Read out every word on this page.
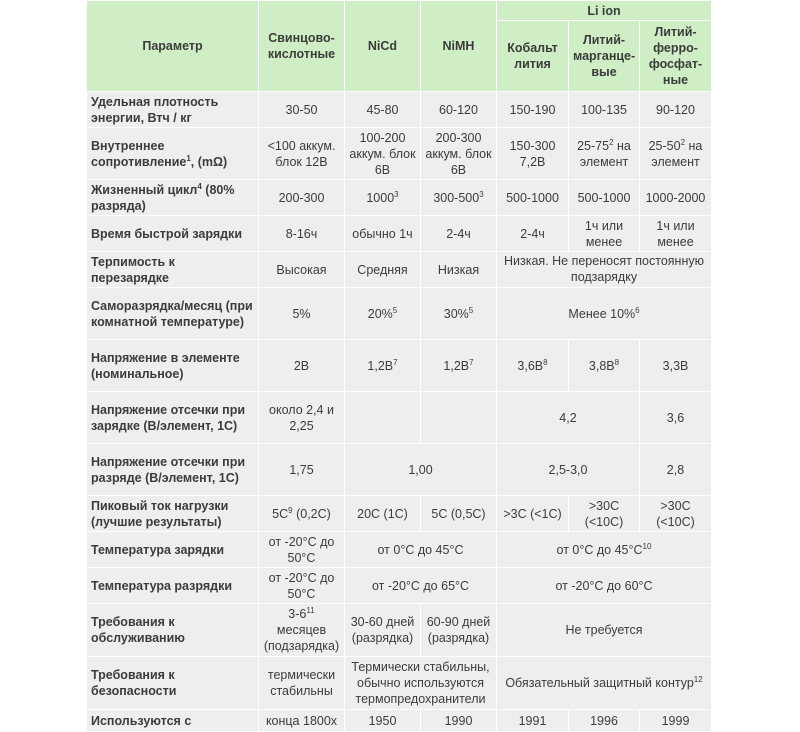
Параметр	Свинцово-кислотные	NiCd	NiMH	Li ion		
				Кобальт лития	Литий-марганце-вые	Литий-ферро-фосфат-ные
Удельная плотность энергии, Втч / кг	30-50	45-80	60-120	150-190	100-135	90-120
Внутреннее сопротивление$^1$, (mΩ)	<100 аккум. блок 12В	100-200 аккум. блок 6В	200-300 аккум. блок 6В	150-300 7,2В	$25-75^2$ на элемент	$25-50^2$ на элемент
Жизненный цикл$^4$ (80% разряда)	200-300	1000$^3$	$300-500^3$	500-1000	500-1000	1000-2000
Время быстрой зарядки	8-16ч	обычно 1ч	2-4ч	2-4ч	1ч или менее	1ч или менее
Терпимость к перезарядке	Высокая	Средняя	Низкая	Низкая. Не переносят постоянную подзарядку		
Саморазрядка/месяц (при комнатной температуре)	5%	20%$^5$	30%$^5$	Менее 10%$^6$
Напряжение в элементе (номинальное)	2В	$1,2В^7$	$1,2В^7$	$3,6В^8$	$3,8В^8$	3,3В
Напряжение отсечки при зарядке (В/элемент, 1C)	около 2,4 и 2,25			4,2		3,6
Напряжение отсечки при разряде (В/элемент, 1C)	1,75	1,00		2,5-3,0		2,8
Пиковый ток нагрузки (лучшие результаты)	$5C^9$ (0,2C)	20C (1C)	5C (0,5C)	>3C (<1C)	>30C (<10C)	>30C (<10C)
Температура зарядки	от -20°C до 50°C	от 0°C до 45°C		от 0°C до $45^\circ C^{10}$
Температура разрядки	от -20°C до 50°C	от -20°C до 65°C		от -20°C до 60°C		
Требования к обслуживанию	$3-6^{11}$ месяцев (подзарядка)	30-60 дней (разрядка)	60-90 дней (разрядка)	Не требуется		
Требования к безопасности	термически стабильны	Термически стабильны, обычно используются термопредохранители		Обязательный защитный контур$^{12}$
Используются с	конца 1800х	1950	1990	1991	1996	1999
